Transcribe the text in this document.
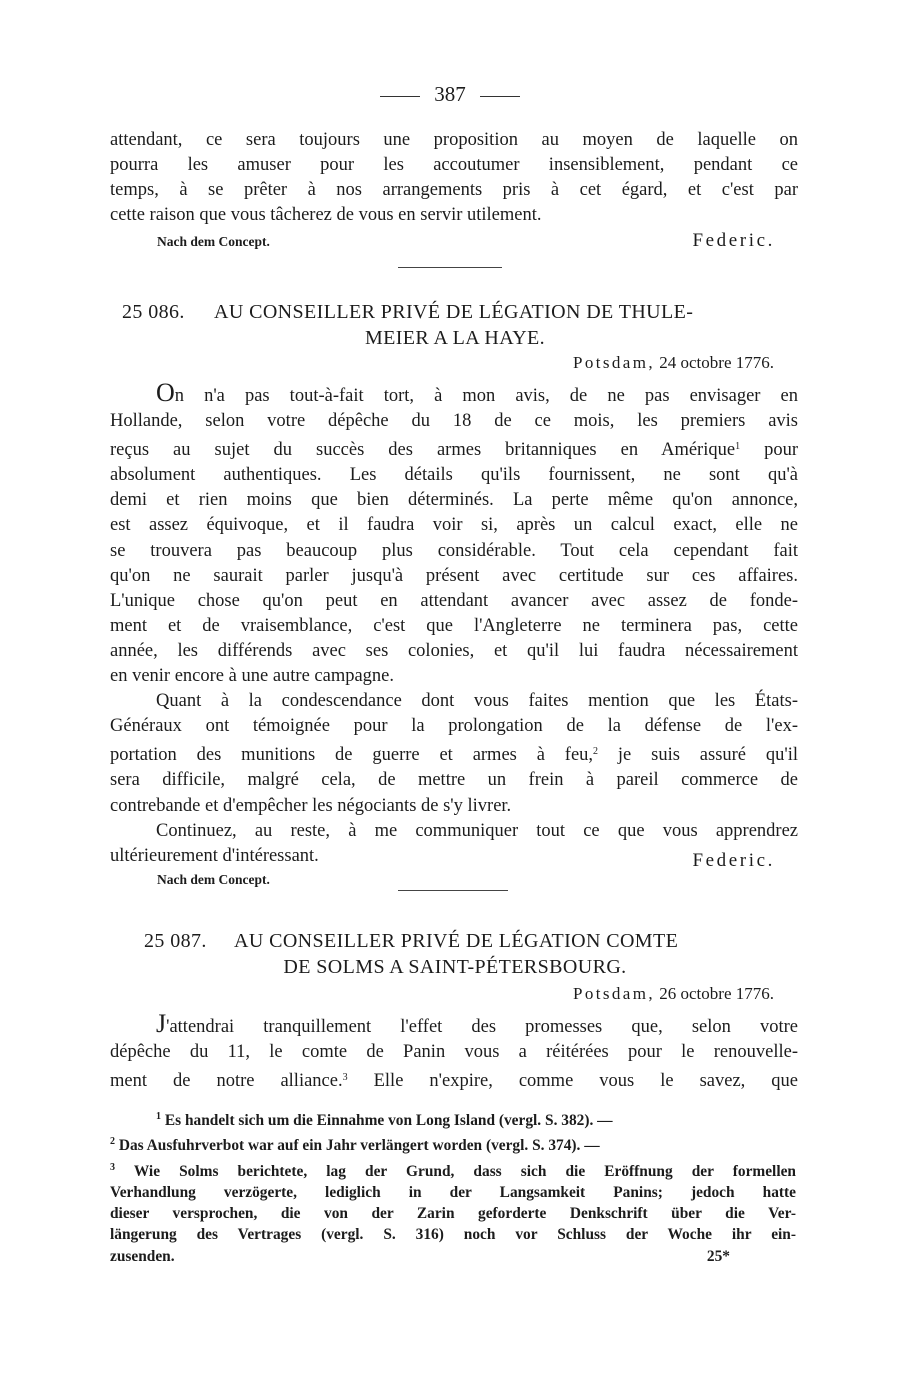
387
attendant, ce sera toujours une proposition au moyen de laquelle on
pourra les amuser pour les accoutumer insensiblement, pendant ce
temps, à se prêter à nos arrangements pris à cet égard, et c'est par
cette raison que vous tâcherez de vous en servir utilement.
Nach dem Concept.	Federic.
25 086. AU CONSEILLER PRIVÉ DE LÉGATION DE THULE-
MEIER A LA HAYE.
Potsdam, 24 octobre 1776.
On n'a pas tout-à-fait tort, à mon avis, de ne pas envisager en
Hollande, selon votre dépêche du 18 de ce mois, les premiers avis
reçus au sujet du succès des armes britanniques en Amérique$^1$ pour
absolument authentiques. Les détails qu'ils fournissent, ne sont qu'à
demi et rien moins que bien déterminés. La perte même qu'on annonce,
est assez équivoque, et il faudra voir si, après un calcul exact, elle ne
se trouvera pas beaucoup plus considérable. Tout cela cependant fait
qu'on ne saurait parler jusqu'à présent avec certitude sur ces affaires.
L'unique chose qu'on peut en attendant avancer avec assez de fonde-
ment et de vraisemblance, c'est que l'Angleterre ne terminera pas, cette
année, les différends avec ses colonies, et qu'il lui faudra nécessairement
en venir encore à une autre campagne.
Quant à la condescendance dont vous faites mention que les États-
Généraux ont témoignée pour la prolongation de la défense de l'ex-
portation des munitions de guerre et armes à feu,$^2$ je suis assuré qu'il
sera difficile, malgré cela, de mettre un frein à pareil commerce de
contrebande et d'empêcher les négociants de s'y livrer.
Continuez, au reste, à me communiquer tout ce que vous apprendrez
ultérieurement d'intéressant.	Federic.
Nach dem Concept.
25 087. AU CONSEILLER PRIVÉ DE LÉGATION COMTE
DE SOLMS A SAINT-PÉTERSBOURG.
Potsdam, 26 octobre 1776.
J'attendrai tranquillement l'effet des promesses que, selon votre
dépêche du 11, le comte de Panin vous a réitérées pour le renouvelle-
ment de notre alliance.$^3$ Elle n'expire, comme vous le savez, que
$^1$ Es handelt sich um die Einnahme von Long Island (vergl. S. 382). —
$^2$ Das Ausfuhrverbot war auf ein Jahr verlängert worden (vergl. S. 374). —
$^3$ Wie Solms berichtete, lag der Grund, dass sich die Eröffnung der formellen
Verhandlung verzögerte, lediglich in der Langsamkeit Panins; jedoch hatte
dieser versprochen, die von der Zarin geforderte Denkschrift über die Ver-
längerung des Vertrages (vergl. S. 316) noch vor Schluss der Woche ihr ein-
zusenden.	25*
